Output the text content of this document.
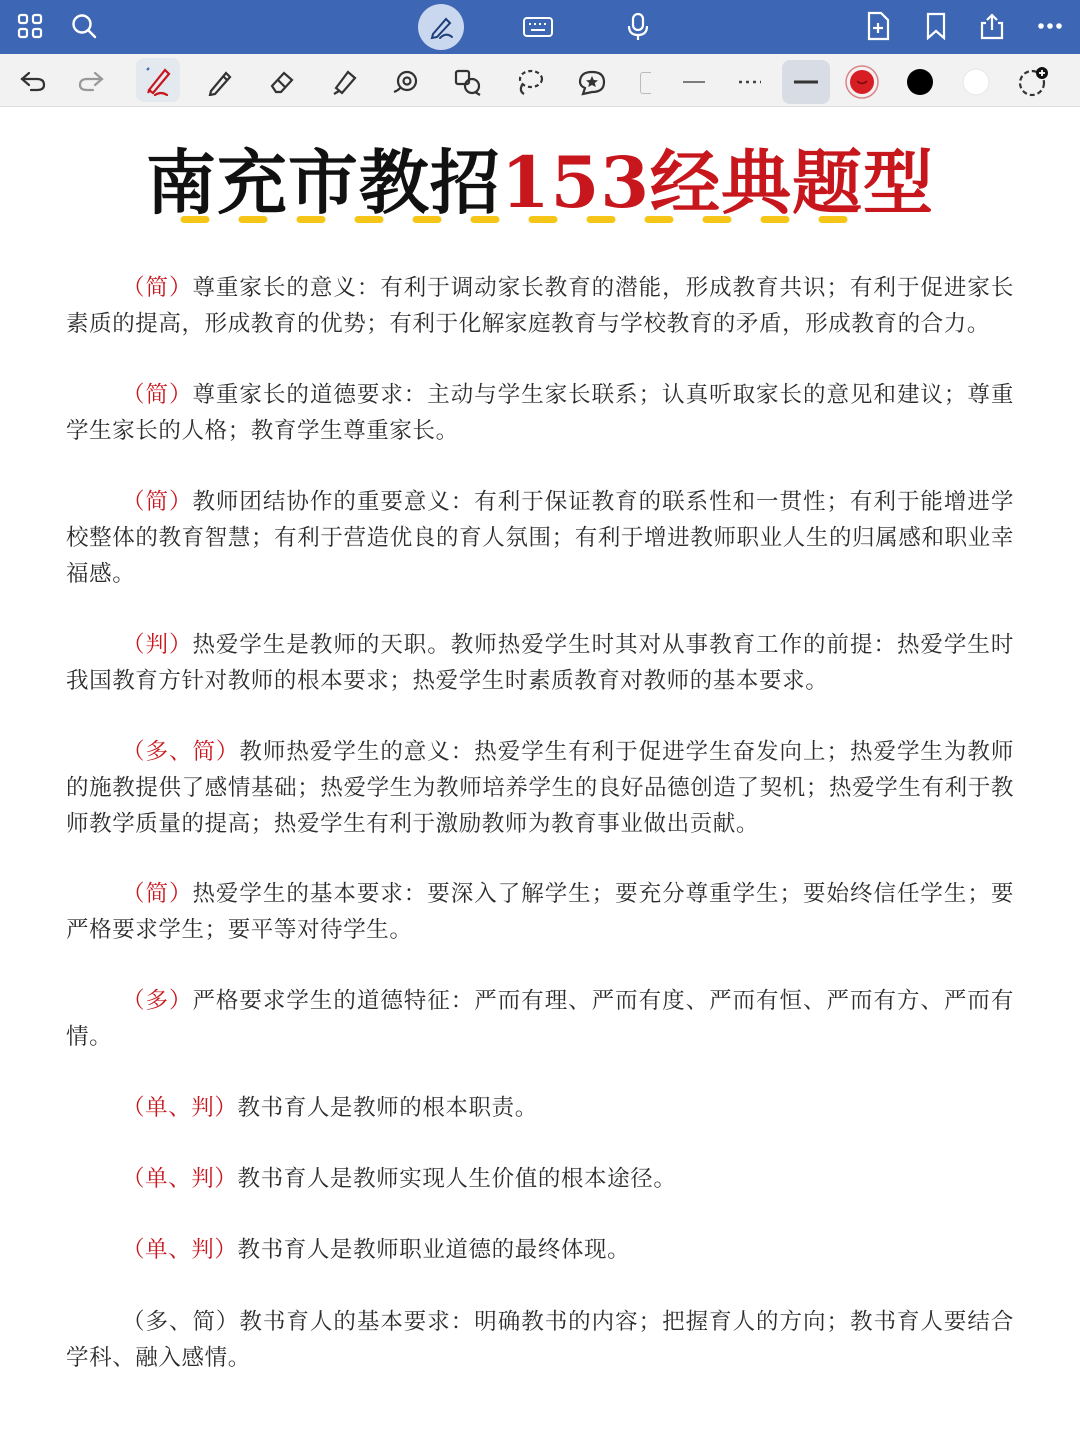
南充市教招153经典题型

（简）尊重家长的意义：有利于调动家长教育的潜能，形成教育共识；有利于促进家长素质的提高，形成教育的优势；有利于化解家庭教育与学校教育的矛盾，形成教育的合力。

（简）尊重家长的道德要求：主动与学生家长联系；认真听取家长的意见和建议；尊重学生家长的人格；教育学生尊重家长。

（简）教师团结协作的重要意义：有利于保证教育的联系性和一贯性；有利于能增进学校整体的教育智慧；有利于营造优良的育人氛围；有利于增进教师职业人生的归属感和职业幸福感。

（判）热爱学生是教师的天职。教师热爱学生时其对从事教育工作的前提：热爱学生时我国教育方针对教师的根本要求；热爱学生时素质教育对教师的基本要求。

（多、简）教师热爱学生的意义：热爱学生有利于促进学生奋发向上；热爱学生为教师的施教提供了感情基础；热爱学生为教师培养学生的良好品德创造了契机；热爱学生有利于教师教学质量的提高；热爱学生有利于激励教师为教育事业做出贡献。

（简）热爱学生的基本要求：要深入了解学生；要充分尊重学生；要始终信任学生；要严格要求学生；要平等对待学生。

（多）严格要求学生的道德特征：严而有理、严而有度、严而有恒、严而有方、严而有情。

（单、判）教书育人是教师的根本职责。

（单、判）教书育人是教师实现人生价值的根本途径。

（单、判）教书育人是教师职业道德的最终体现。

（多、简）教书育人的基本要求：明确教书的内容；把握育人的方向；教书育人要结合学科、融入感情。
